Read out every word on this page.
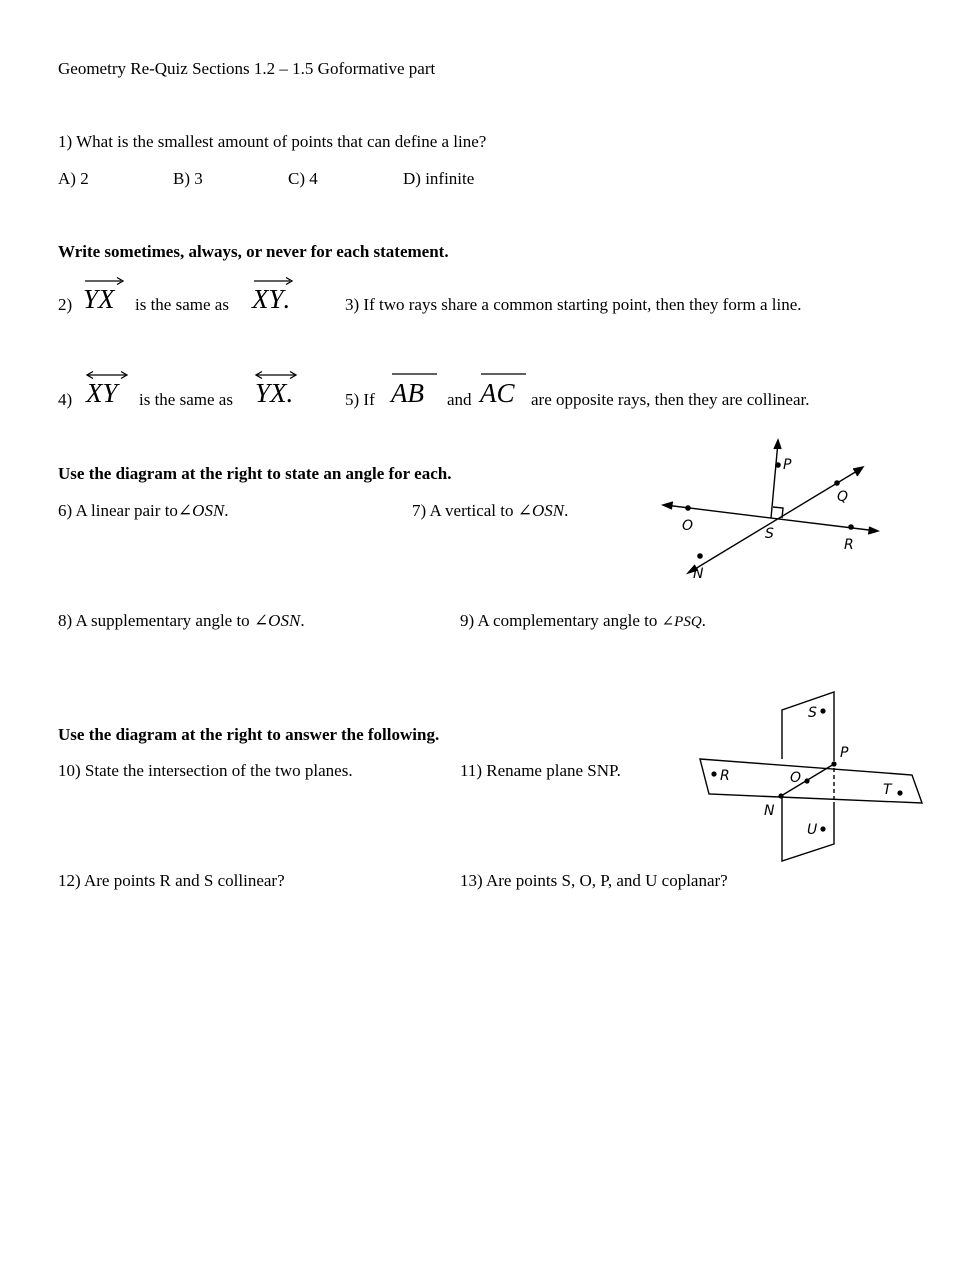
Geometry Re-Quiz Sections 1.2 – 1.5 Goformative part
1) What is the smallest amount of points that can define a line?
A) 2	B) 3	C) 4	D) infinite
Write sometimes, always, or never for each statement.
2) YX is the same as XY.	3) If two rays share a common starting point, then they form a line.
4) XY is the same as YX.	5) If AB and AC are opposite rays, then they are collinear.
Use the diagram at the right to state an angle for each.
6) A linear pair to∠OSN.	7) A vertical to ∠OSN.
P
Q
O	S
R
N
8) A supplementary angle to ∠OSN.	9) A complementary angle to ∠PSQ.
Use the diagram at the right to answer the following.
10) State the intersection of the two planes.	11) Rename plane SNP.
S
P
R	O
T
N
U
12) Are points R and S collinear?	13) Are points S, O, P, and U coplanar?
